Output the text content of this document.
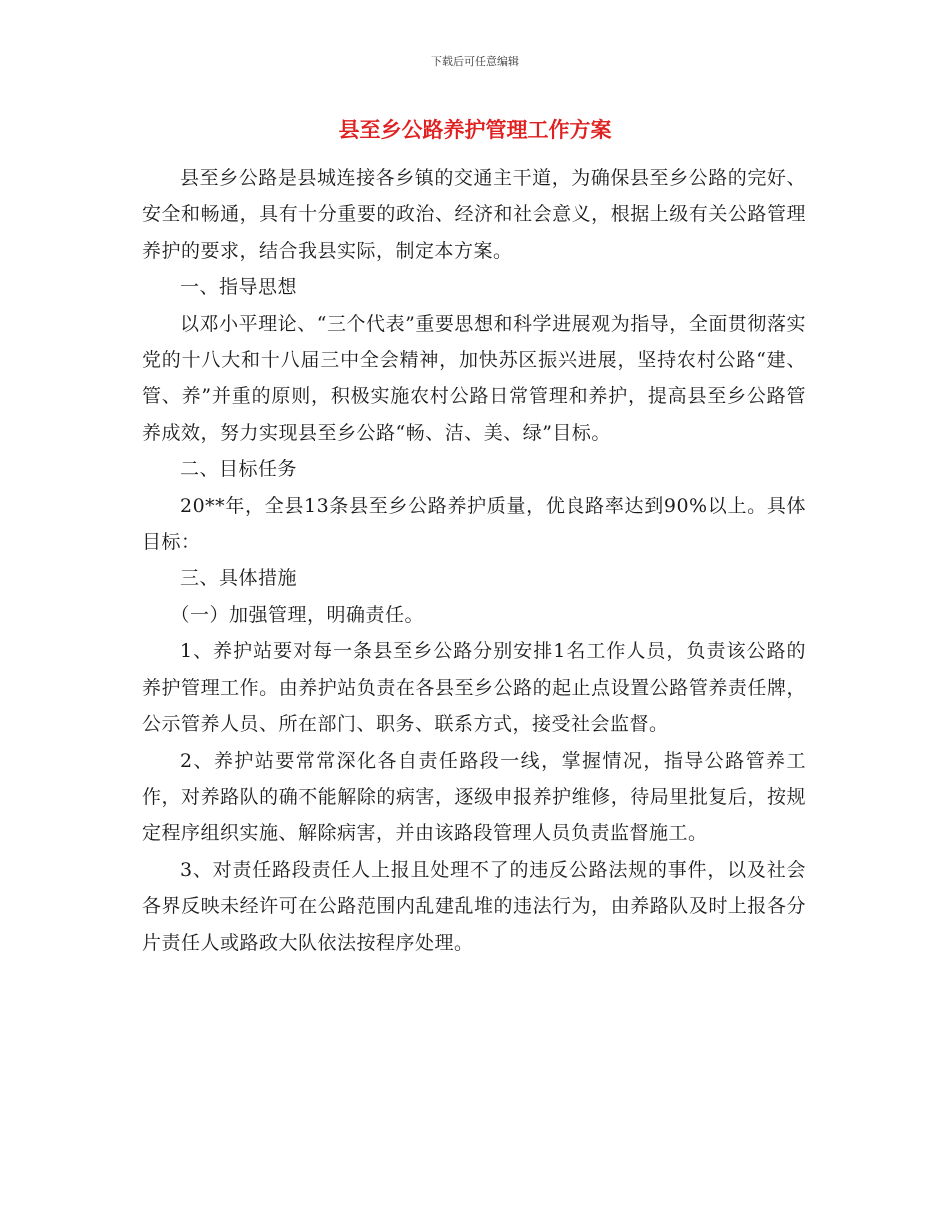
下载后可任意编辑
县至乡公路养护管理工作方案

县至乡公路是县城连接各乡镇的交通主干道，为确保县至乡公路的完好、安全和畅通，具有十分重要的政治、经济和社会意义，根据上级有关公路管理养护的要求，结合我县实际，制定本方案。

一、指导思想

以邓小平理论、“三个代表”重要思想和科学进展观为指导，全面贯彻落实党的十八大和十八届三中全会精神，加快苏区振兴进展，坚持农村公路“建、管、养”并重的原则，积极实施农村公路日常管理和养护，提高县至乡公路管养成效，努力实现县至乡公路“畅、洁、美、绿”目标。

二、目标任务

20**年，全县13条县至乡公路养护质量，优良路率达到90%以上。具体目标：

三、具体措施

（一）加强管理，明确责任。

1、养护站要对每一条县至乡公路分别安排1名工作人员，负责该公路的养护管理工作。由养护站负责在各县至乡公路的起止点设置公路管养责任牌，公示管养人员、所在部门、职务、联系方式，接受社会监督。

2、养护站要常常深化各自责任路段一线，掌握情况，指导公路管养工作，对养路队的确不能解除的病害，逐级申报养护维修，待局里批复后，按规定程序组织实施、解除病害，并由该路段管理人员负责监督施工。

3、对责任路段责任人上报且处理不了的违反公路法规的事件，以及社会各界反映未经许可在公路范围内乱建乱堆的违法行为，由养路队及时上报各分片责任人或路政大队依法按程序处理。
